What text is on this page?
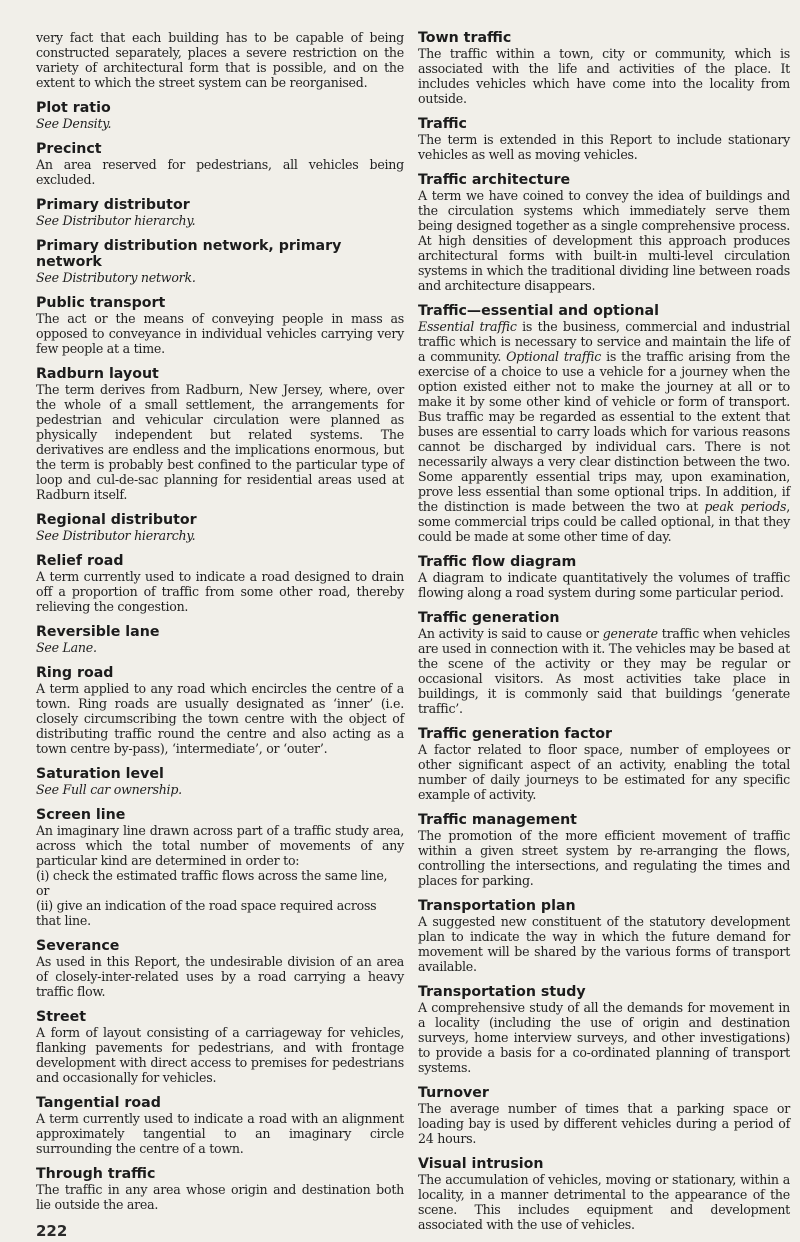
very fact that each building has to be capable of being constructed separately, places a severe restriction on the variety of architectural form that is possible, and on the extent to which the street system can be reorganised.

Plot ratio

See Density.

Precinct

An area reserved for pedestrians, all vehicles being excluded.

Primary distributor

See Distributor hierarchy.

Primary distribution network, primary network

See Distributory network.

Public transport

The act or the means of conveying people in mass as opposed to conveyance in individual vehicles carrying very few people at a time.

Radburn layout

The term derives from Radburn, New Jersey, where, over the whole of a small settlement, the arrangements for pedestrian and vehicular circulation were planned as physically independent but related systems. The derivatives are endless and the implications enormous, but the term is probably best confined to the particular type of loop and cul-de-sac planning for residential areas used at Radburn itself.

Regional distributor

See Distributor hierarchy.

Relief road

A term currently used to indicate a road designed to drain off a proportion of traffic from some other road, thereby relieving the congestion.

Reversible lane

See Lane.

Ring road

A term applied to any road which encircles the centre of a town. Ring roads are usually designated as ‘inner’ (i.e. closely circumscribing the town centre with the object of distributing traffic round the centre and also acting as a town centre by-pass), ‘intermediate’, or ‘outer’.

Saturation level

See Full car ownership.

Screen line

An imaginary line drawn across part of a traffic study area, across which the total number of movements of any particular kind are determined in order to:

(i) check the estimated traffic flows across the same line, or

(ii) give an indication of the road space required across that line.

Severance

As used in this Report, the undesirable division of an area of closely-inter-related uses by a road carrying a heavy traffic flow.

Street

A form of layout consisting of a carriageway for vehicles, flanking pavements for pedestrians, and with frontage development with direct access to premises for pedestrians and occasionally for vehicles.

Tangential road

A term currently used to indicate a road with an alignment approximately tangential to an imaginary circle surrounding the centre of a town.

Through traffic

The traffic in any area whose origin and destination both lie outside the area.

222

Town traffic

The traffic within a town, city or community, which is associated with the life and activities of the place. It includes vehicles which have come into the locality from outside.

Traffic

The term is extended in this Report to include stationary vehicles as well as moving vehicles.

Traffic architecture

A term we have coined to convey the idea of buildings and the circulation systems which immediately serve them being designed together as a single comprehensive process. At high densities of development this approach produces architectural forms with built-in multi-level circulation systems in which the traditional dividing line between roads and architecture disappears.

Traffic—essential and optional

Essential traffic is the business, commercial and industrial traffic which is necessary to service and maintain the life of a community. Optional traffic is the traffic arising from the exercise of a choice to use a vehicle for a journey when the option existed either not to make the journey at all or to make it by some other kind of vehicle or form of transport. Bus traffic may be regarded as essential to the extent that buses are essential to carry loads which for various reasons cannot be discharged by individual cars. There is not necessarily always a very clear distinction between the two. Some apparently essential trips may, upon examination, prove less essential than some optional trips. In addition, if the distinction is made between the two at peak periods, some commercial trips could be called optional, in that they could be made at some other time of day.

Traffic flow diagram

A diagram to indicate quantitatively the volumes of traffic flowing along a road system during some particular period.

Traffic generation

An activity is said to cause or generate traffic when vehicles are used in connection with it. The vehicles may be based at the scene of the activity or they may be regular or occasional visitors. As most activities take place in buildings, it is commonly said that buildings ‘generate traffic’.

Traffic generation factor

A factor related to floor space, number of employees or other significant aspect of an activity, enabling the total number of daily journeys to be estimated for any specific example of activity.

Traffic management

The promotion of the more efficient movement of traffic within a given street system by re-arranging the flows, controlling the intersections, and regulating the times and places for parking.

Transportation plan

A suggested new constituent of the statutory development plan to indicate the way in which the future demand for movement will be shared by the various forms of transport available.

Transportation study

A comprehensive study of all the demands for movement in a locality (including the use of origin and destination surveys, home interview surveys, and other investigations) to provide a basis for a co-ordinated planning of transport systems.

Turnover

The average number of times that a parking space or loading bay is used by different vehicles during a period of 24 hours.

Visual intrusion

The accumulation of vehicles, moving or stationary, within a locality, in a manner detrimental to the appearance of the scene. This includes equipment and development associated with the use of vehicles.
